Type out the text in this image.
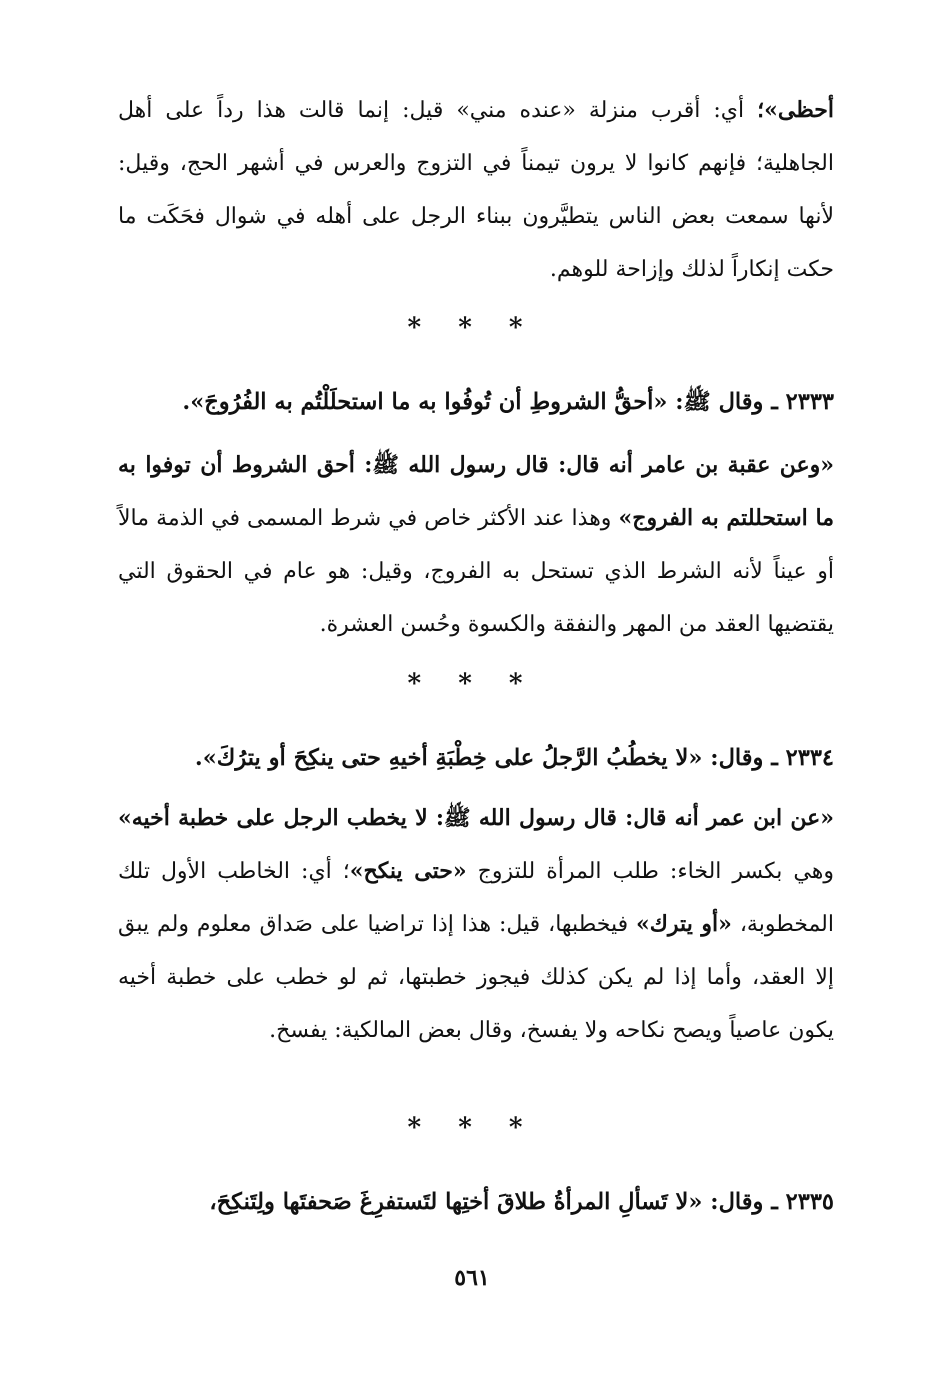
أحظى»؛ أي: أقرب منزلة «عنده مني» قيل: إنما قالت هذا رداً على أهل الجاهلية؛ فإنهم كانوا لا يرون تيمناً في التزوج والعرس في أشهر الحج، وقيل: لأنها سمعت بعض الناس يتطيَّرون ببناء الرجل على أهله في شوال فحَكَت ما حكت إنكاراً لذلك وإزاحة للوهم.
* * *
٢٣٣٣ ـ وقال ﷺ: «أحقُّ الشروطِ أن تُوفُوا به ما استحلَلْتُم به الفُرُوجَ».
«وعن عقبة بن عامر أنه قال: قال رسول الله ﷺ: أحق الشروط أن توفوا به ما استحللتم به الفروج» وهذا عند الأكثر خاص في شرط المسمى في الذمة مالاً أو عيناً لأنه الشرط الذي تستحل به الفروج، وقيل: هو عام في الحقوق التي يقتضيها العقد من المهر والنفقة والكسوة وحُسن العشرة.
* * *
٢٣٣٤ ـ وقال: «لا يخطُبُ الرَّجلُ على خِطْبَةِ أخيهِ حتى ينكِحَ أو يترُكَ».
«عن ابن عمر أنه قال: قال رسول الله ﷺ: لا يخطب الرجل على خطبة أخيه» وهي بكسر الخاء: طلب المرأة للتزوج «حتى ينكح»؛ أي: الخاطب الأول تلك المخطوبة، «أو يترك» فيخطبها، قيل: هذا إذا تراضيا على صَداق معلوم ولم يبق إلا العقد، وأما إذا لم يكن كذلك فيجوز خطبتها، ثم لو خطب على خطبة أخيه يكون عاصياً ويصح نكاحه ولا يفسخ، وقال بعض المالكية: يفسخ.
* * *
٢٣٣٥ ـ وقال: «لا تَسألِ المرأةُ طلاقَ أختِها لتَستفرِغَ صَحفتَها ولِتَنكِحَ،
٥٦١
